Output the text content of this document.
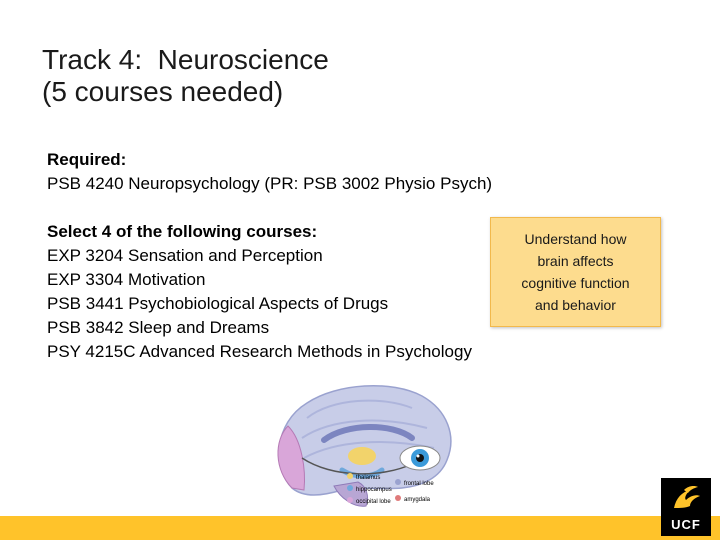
Track 4:  Neuroscience
(5 courses needed)
Required:
PSB 4240 Neuropsychology (PR: PSB 3002 Physio Psych)
Select 4 of the following courses:
EXP 3204 Sensation and Perception
EXP 3304 Motivation
PSB 3441 Psychobiological Aspects of Drugs
PSB 3842 Sleep and Dreams
PSY 4215C Advanced Research Methods in Psychology
Understand how
brain affects
cognitive function
and behavior
thalamus
frontal lobe
hippocampus
occipital lobe amygdala
UCF
